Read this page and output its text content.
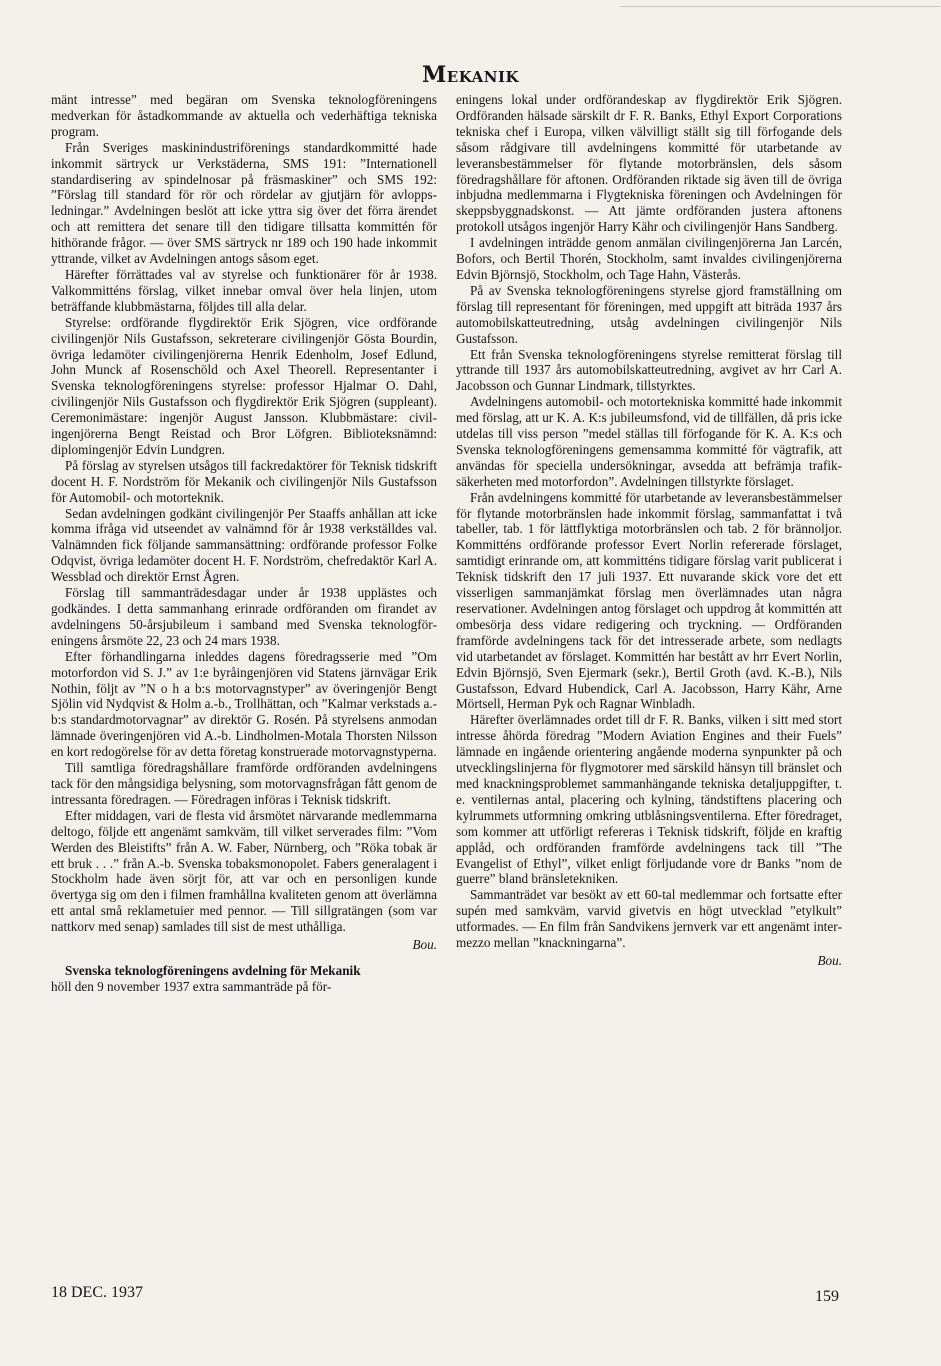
Mekanik

mänt intresse” med begäran om Svenska teknologföreningens medverkan för åstadkommande av aktuella och vederhäftiga tekniska program.

Från Sveriges maskinindustriförenings standardkommitté hade inkommit särtryck ur Verkstäderna, SMS 191: ”Internationell standardisering av spindelnosar på fräsmaskiner” och SMS 192: ”Förslag till standard för rör och rördelar av gjutjärn för avloppsledningar.” Avdelningen beslöt att icke yttra sig över det förra ärendet och att remittera det senare till den tidigare tillsatta kommittén för hithörande frågor. — över SMS särtryck nr 189 och 190 hade inkommit yttrande, vilket av Avdelningen antogs såsom eget.

Härefter förrättades val av styrelse och funktionärer för år 1938. Valkommitténs förslag, vilket innebar omval över hela linjen, utom beträffande klubbmästarna, följdes till alla delar.

Styrelse: ordförande flygdirektör Erik Sjögren, vice ordförande civilingenjör Nils Gustafsson, sekreterare civilingenjör Gösta Bourdin, övriga ledamöter civilingenjörerna Henrik Edenholm, Josef Edlund, John Munck af Rosenschöld och Axel Theorell. Representanter i Svenska teknologföreningens styrelse: professor Hjalmar O. Dahl, civilingenjör Nils Gustafsson och flygdirektör Erik Sjögren (suppleant). Ceremonimästare: ingenjör August Jansson. Klubbmästare: civilingenjörerna Bengt Reistad och Bror Löfgren. Biblioteksnämnd: diplomingenjör Edvin Lundgren.

På förslag av styrelsen utsågos till fackredaktörer för Teknisk tidskrift docent H. F. Nordström för Mekanik och civilingenjör Nils Gustafsson för Automobil- och motorteknik.

Sedan avdelningen godkänt civilingenjör Per Staaffs anhållan att icke komma ifråga vid utseendet av valnämnd för år 1938 verkställdes val. Valnämnden fick följande sammansättning: ordförande professor Folke Odqvist, övriga ledamöter docent H. F. Nordström, chefredaktör Karl A. Wessblad och direktör Ernst Ågren.

Förslag till sammanträdesdagar under år 1938 upplästes och godkändes. I detta sammanhang erinrade ordföranden om firandet av avdelningens 50-årsjubileum i samband med Svenska teknologföreningens årsmöte 22, 23 och 24 mars 1938.

Efter förhandlingarna inleddes dagens föredragsserie med ”Om motorfordon vid S. J.” av 1:e byråingenjören vid Statens järnvägar Erik Nothin, följt av ”N o h a b:s motorvagnstyper” av överingenjör Bengt Sjölin vid Nydqvist & Holm a.-b., Trollhättan, och ”Kalmar verkstads a.-b:s standardmotorvagnar” av direktör G. Rosén. På styrelsens anmodan lämnade överingenjören vid A.-b. Lindholmen-Motala Thorsten Nilsson en kort redogörelse för av detta företag konstruerade motorvagnstyperna.

Till samtliga föredragshållare framförde ordföranden avdelningens tack för den mångsidiga belysning, som motorvagnsfrågan fått genom de intressanta föredragen. — Föredragen införas i Teknisk tidskrift.

Efter middagen, vari de flesta vid årsmötet närvarande medlemmarna deltogo, följde ett angenämt samkväm, till vilket serverades film: ”Vom Werden des Bleistifts” från A. W. Faber, Nürnberg, och ”Röka tobak är ett bruk . . .” från A.-b. Svenska tobaksmonopolet. Fabers generalagent i Stockholm hade även sörjt för, att var och en personligen kunde övertyga sig om den i filmen framhållna kvaliteten genom att överlämna ett antal små reklametuier med pennor. — Till sillgratängen (som var nattkorv med senap) samlades till sist de mest uthålliga.

Bou.

Svenska teknologföreningens avdelning för Mekanik

höll den 9 november 1937 extra sammanträde på för-

eningens lokal under ordförandeskap av flygdirektör Erik Sjögren. Ordföranden hälsade särskilt dr F. R. Banks, Ethyl Export Corporations tekniska chef i Europa, vilken välvilligt ställt sig till förfogande dels såsom rådgivare till avdelningens kommitté för utarbetande av leveransbestämmelser för flytande motorbränslen, dels såsom föredragshållare för aftonen. Ordföranden riktade sig även till de övriga inbjudna medlemmarna i Flygtekniska föreningen och Avdelningen för skeppsbyggnadskonst. — Att jämte ordföranden justera aftonens protokoll utsågos ingenjör Harry Kähr och civilingenjör Hans Sandberg.

I avdelningen inträdde genom anmälan civilingenjörerna Jan Larcén, Bofors, och Bertil Thorén, Stockholm, samt invaldes civilingenjörerna Edvin Björnsjö, Stockholm, och Tage Hahn, Västerås.

På av Svenska teknologföreningens styrelse gjord framställning om förslag till representant för föreningen, med uppgift att biträda 1937 års automobilskatteutredning, utsåg avdelningen civilingenjör Nils Gustafsson.

Ett från Svenska teknologföreningens styrelse remitterat förslag till yttrande till 1937 års automobilskatteutredning, avgivet av hrr Carl A. Jacobsson och Gunnar Lindmark, tillstyrktes.

Avdelningens automobil- och motortekniska kommitté hade inkommit med förslag, att ur K. A. K:s jubileumsfond, vid de tillfällen, då pris icke utdelas till viss person ”medel ställas till förfogande för K. A. K:s och Svenska teknologföreningens gemensamma kommitté för vägtrafik, att användas för speciella undersökningar, avsedda att befrämja trafiksäkerheten med motorfordon”. Avdelningen tillstyrkte förslaget.

Från avdelningens kommitté för utarbetande av leveransbestämmelser för flytande motorbränslen hade inkommit förslag, sammanfattat i två tabeller, tab. 1 för lättflyktiga motorbränslen och tab. 2 för brännoljor. Kommitténs ordförande professor Evert Norlin refererade förslaget, samtidigt erinrande om, att kommitténs tidigare förslag varit publicerat i Teknisk tidskrift den 17 juli 1937. Ett nuvarande skick vore det ett visserligen sammanjämkat förslag men överlämnades utan några reservationer. Avdelningen antog förslaget och uppdrog åt kommittén att ombesörja dess vidare redigering och tryckning. — Ordföranden framförde avdelningens tack för det intresserade arbete, som nedlagts vid utarbetandet av förslaget. Kommittén har bestått av hrr Evert Norlin, Edvin Björnsjö, Sven Ejermark (sekr.), Bertil Groth (avd. K.-B.), Nils Gustafsson, Edvard Hubendick, Carl A. Jacobsson, Harry Kähr, Arne Mörtsell, Herman Pyk och Ragnar Winbladh.

Härefter överlämnades ordet till dr F. R. Banks, vilken i sitt med stort intresse åhörda föredrag ”Modern Aviation Engines and their Fuels” lämnade en ingående orientering angående moderna synpunkter på och utvecklingslinjerna för flygmotorer med särskild hänsyn till bränslet och med knackningsproblemet sammanhängande tekniska detaljuppgifter, t. e. ventilernas antal, placering och kylning, tändstiftens placering och kylrummets utformning omkring utblåsningsventilerna. Efter föredraget, som kommer att utförligt refereras i Teknisk tidskrift, följde en kraftig applåd, och ordföranden framförde avdelningens tack till ”The Evangelist of Ethyl”, vilket enligt förljudande vore dr Banks ”nom de guerre” bland bränsletekniken.

Sammanträdet var besökt av ett 60-tal medlemmar och fortsatte efter supén med samkväm, varvid givetvis en högt utvecklad ”etylkult” utformades. — En film från Sandvikens jernverk var ett angenämt intermezzo mellan ”knackningarna”.

Bou.

18 DEC. 1937	159
